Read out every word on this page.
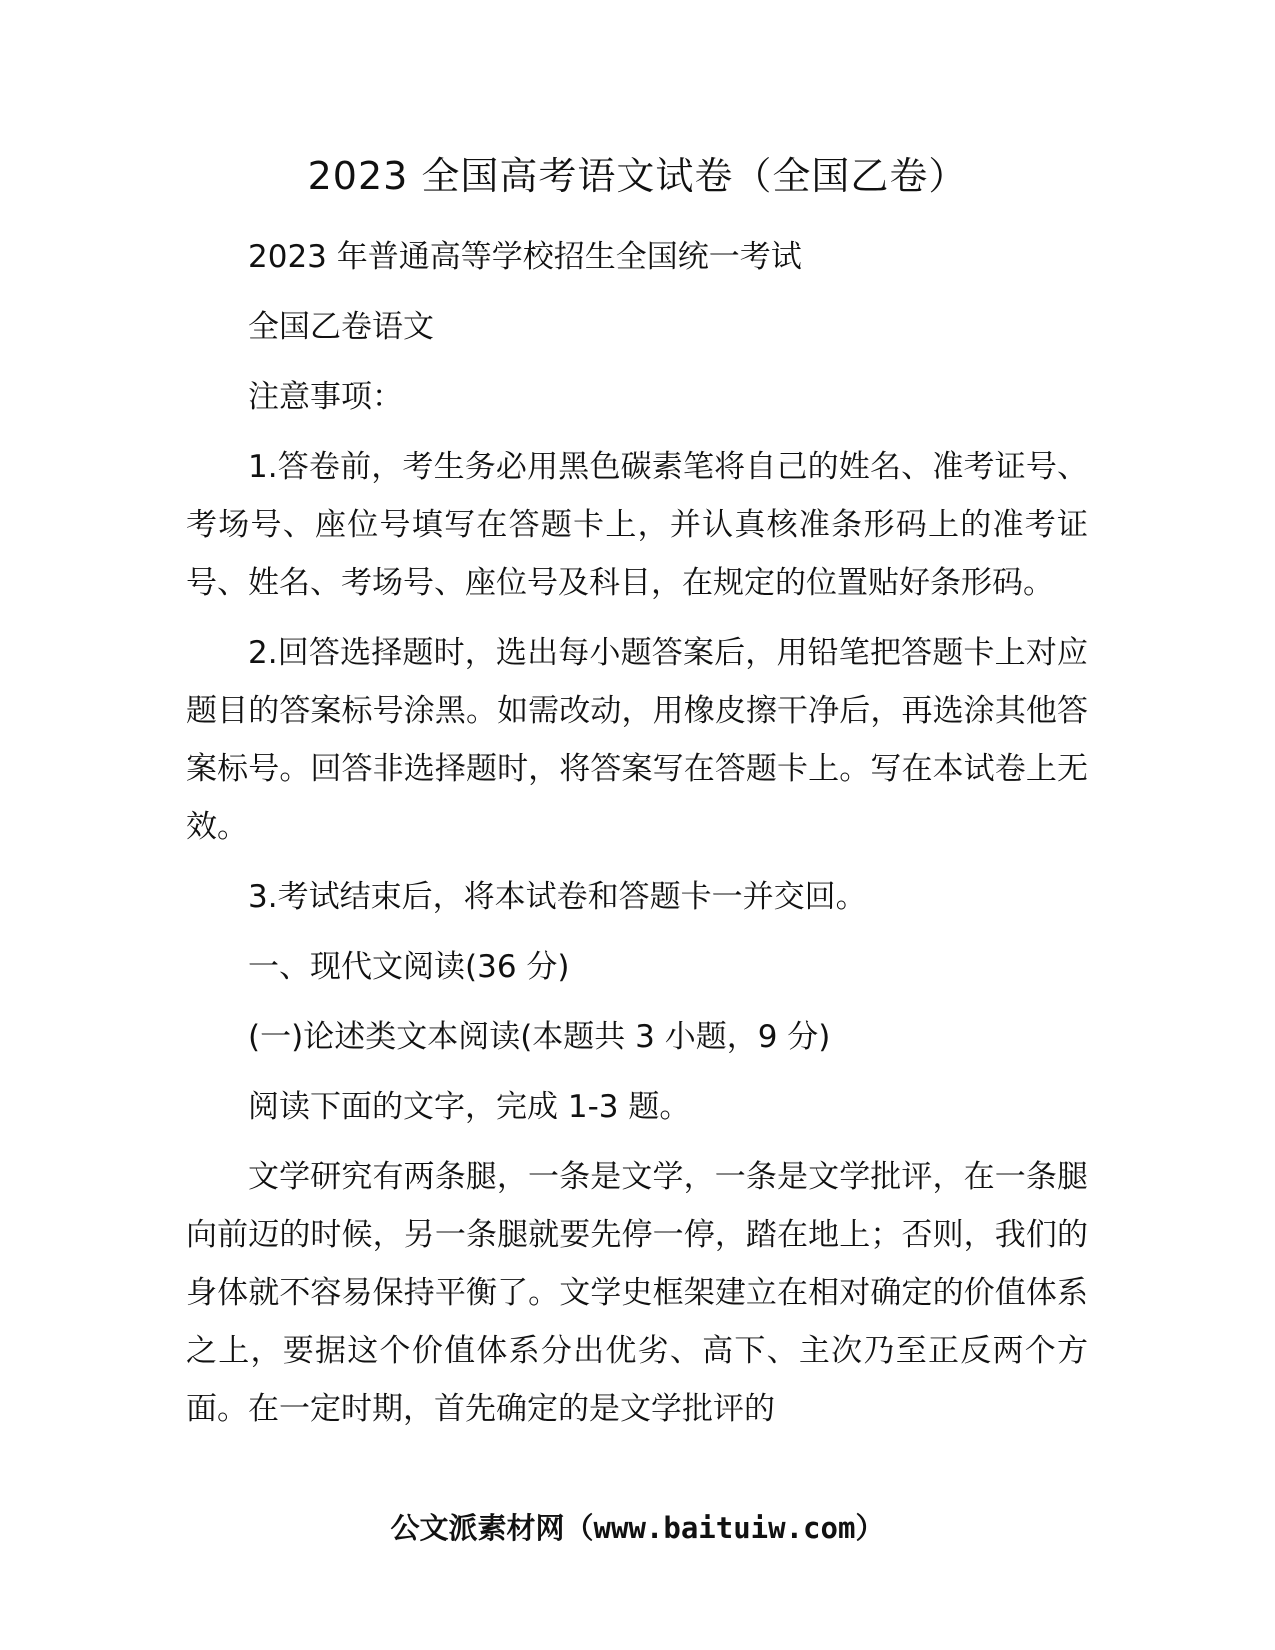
2023 全国高考语文试卷（全国乙卷）

2023 年普通高等学校招生全国统一考试

全国乙卷语文

注意事项：

1.答卷前，考生务必用黑色碳素笔将自己的姓名、准考证号、考场号、座位号填写在答题卡上，并认真核准条形码上的准考证号、姓名、考场号、座位号及科目，在规定的位置贴好条形码。

2.回答选择题时，选出每小题答案后，用铅笔把答题卡上对应题目的答案标号涂黑。如需改动，用橡皮擦干净后，再选涂其他答案标号。回答非选择题时，将答案写在答题卡上。写在本试卷上无效。

3.考试结束后，将本试卷和答题卡一并交回。

一、现代文阅读(36 分)

(一)论述类文本阅读(本题共 3 小题，9 分)

阅读下面的文字，完成 1-3 题。

文学研究有两条腿，一条是文学，一条是文学批评，在一条腿向前迈的时候，另一条腿就要先停一停，踏在地上；否则，我们的身体就不容易保持平衡了。文学史框架建立在相对确定的价值体系之上，要据这个价值体系分出优劣、高下、主次乃至正反两个方面。在一定时期，首先确定的是文学批评的

公文派素材网（www.baituiw.com）
